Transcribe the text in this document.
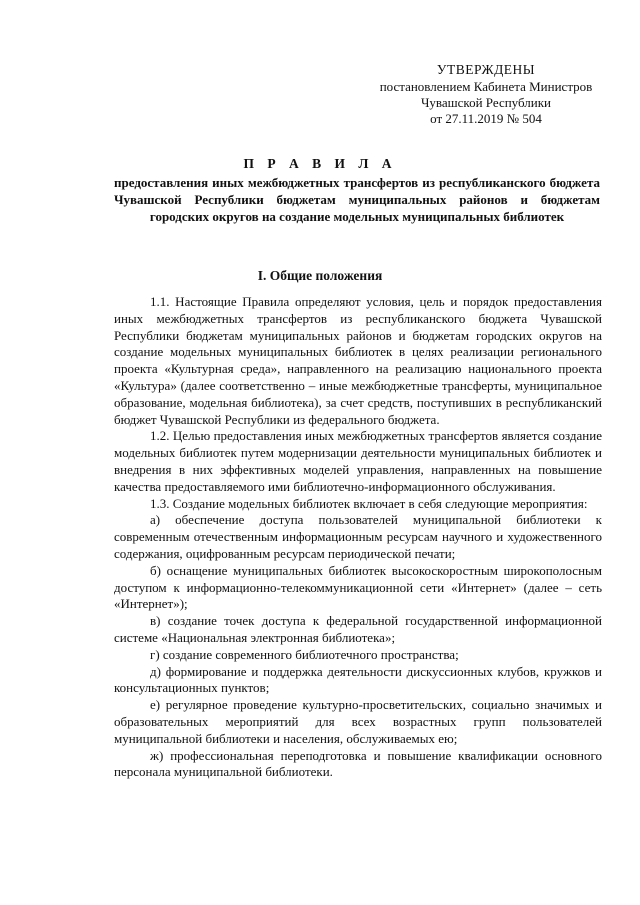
УТВЕРЖДЕНЫ
постановлением Кабинета Министров
Чувашской Республики
от 27.11.2019 № 504
П Р А В И Л А
предоставления иных межбюджетных трансфертов из республиканского бюджета Чувашской Республики бюджетам муниципальных районов и бюджетам городских округов на создание модельных муниципальных библиотек
I. Общие положения

1.1. Настоящие Правила определяют условия, цель и порядок предоставления иных межбюджетных трансфертов из республиканского бюджета Чувашской Республики бюджетам муниципальных районов и бюджетам городских округов на создание модельных муниципальных библиотек в целях реализации регионального проекта «Культурная среда», направленного на реализацию национального проекта «Культура» (далее соответственно – иные межбюджетные трансферты, муниципальное образование, модельная библиотека), за счет средств, поступивших в республиканский бюджет Чувашской Республики из федерального бюджета.

1.2. Целью предоставления иных межбюджетных трансфертов является создание модельных библиотек путем модернизации деятельности муниципальных библиотек и внедрения в них эффективных моделей управления, направленных на повышение качества предоставляемого ими библиотечно-информационного обслуживания.

1.3. Создание модельных библиотек включает в себя следующие мероприятия:

а) обеспечение доступа пользователей муниципальной библиотеки к современным отечественным информационным ресурсам научного и художественного содержания, оцифрованным ресурсам периодической печати;

б) оснащение муниципальных библиотек высокоскоростным широкополосным доступом к информационно-телекоммуникационной сети «Интернет» (далее – сеть «Интернет»);

в) создание точек доступа к федеральной государственной информационной системе «Национальная электронная библиотека»;

г) создание современного библиотечного пространства;

д) формирование и поддержка деятельности дискуссионных клубов, кружков и консультационных пунктов;

е) регулярное проведение культурно-просветительских, социально значимых и образовательных мероприятий для всех возрастных групп пользователей муниципальной библиотеки и населения, обслуживаемых ею;

ж) профессиональная переподготовка и повышение квалификации основного персонала муниципальной библиотеки.
